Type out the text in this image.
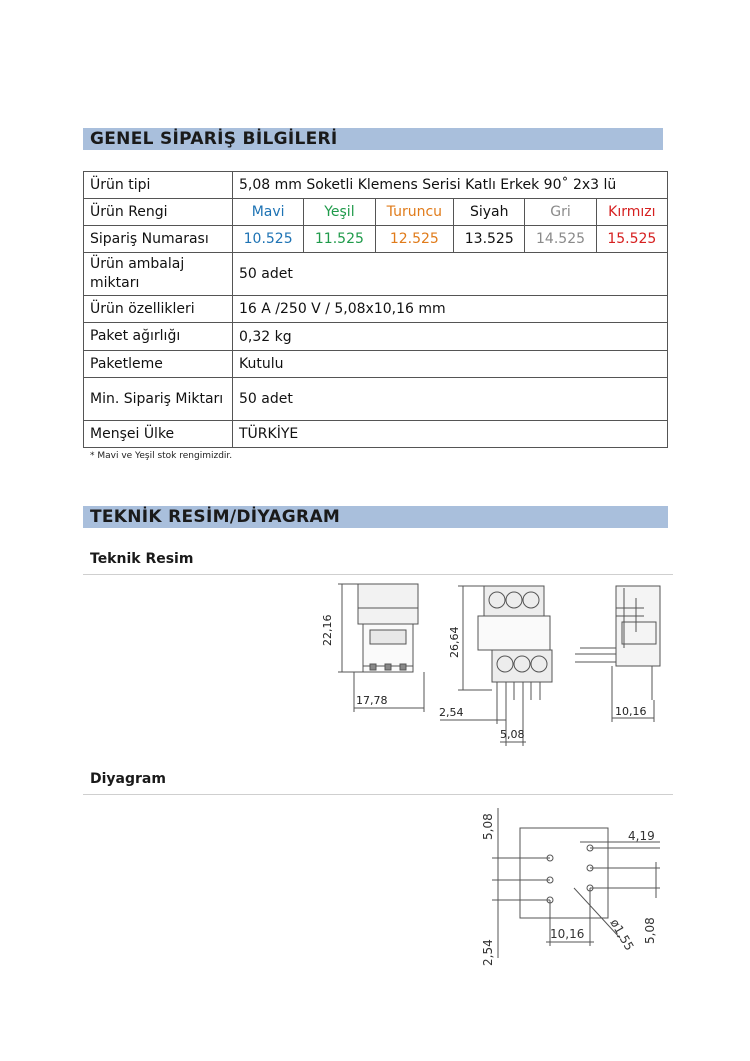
GENEL SİPARİŞ BİLGİLERİ
Ürün tipi	5,08 mm Soketli Klemens Serisi Katlı Erkek 90˚ 2x3 lü					
Ürün Rengi	Mavi	Yeşil	Turuncu	Siyah	Gri	Kırmızı
Sipariş Numarası	10.525	11.525	12.525	13.525	14.525	15.525
Ürün ambalaj miktarı	50 adet					
Ürün özellikleri	16 A /250 V / 5,08x10,16 mm					
Paket ağırlığı	0,32 kg					
Paketleme	Kutulu					
Min. Sipariş Miktarı	50 adet					
Menşei Ülke	TÜRKİYE					
* Mavi ve Yeşil stok rengimizdir.
TEKNİK RESİM/DİYAGRAM
Teknik Resim
22,16
17,78
26,64
2,54
5,08
10,16
Diyagram
5,08	4,19
5,08
2,54
10,16 ø1,55
